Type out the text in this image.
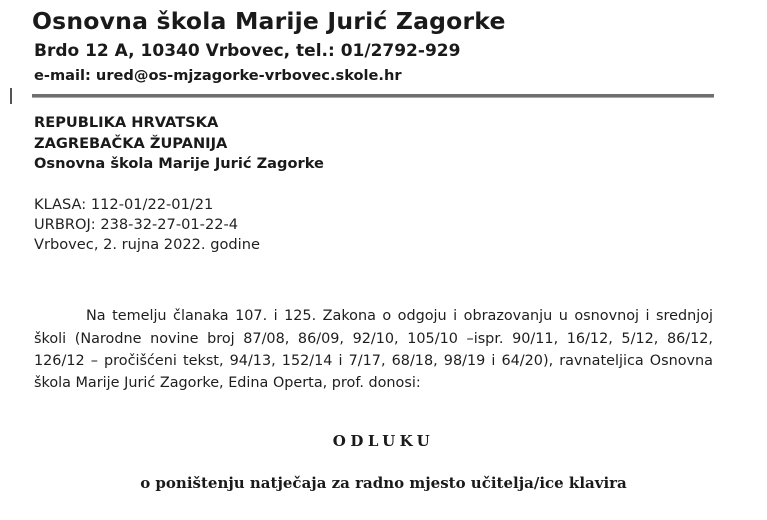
Osnovna škola Marije Jurić Zagorke
Brdo 12 A, 10340 Vrbovec, tel.: 01/2792-929
e-mail: ured@os-mjzagorke-vrbovec.skole.hr
REPUBLIKA HRVATSKA
ZAGREBAČKA ŽUPANIJA
Osnovna škola Marije Jurić Zagorke
KLASA: 112-01/22-01/21
URBROJ: 238-32-27-01-22-4
Vrbovec, 2. rujna 2022. godine

Na temelju članaka 107. i 125. Zakona o odgoju i obrazovanju u osnovnoj i srednjoj školi (Narodne novine broj 87/08, 86/09, 92/10, 105/10 –ispr. 90/11, 16/12, 5/12, 86/12, 126/12 – pročišćeni tekst, 94/13, 152/14 i 7/17, 68/18, 98/19 i 64/20), ravnateljica Osnovna škola Marije Jurić Zagorke, Edina Operta, prof. donosi:

ODLUKU
o poništenju natječaja za radno mjesto učitelja/ice klavira
